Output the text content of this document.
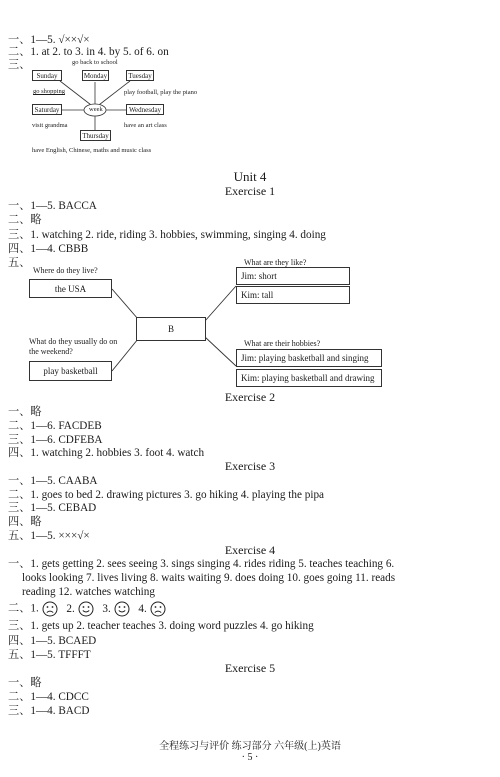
一、1—5. √××√×
二、1. at 2. to 3. in 4. by 5. of 6. on
三、
week
Sunday	Monday	Tuesday
Saturday	Wednesday
Thursday
go back to school
go shopping	play football, play the piano
visit grandma	have an art class
have English, Chinese, maths and music class
Unit 4
Exercise 1
一、1—5. BACCA
二、略
三、1. watching 2. ride, riding 3. hobbies, swimming, singing 4. doing
四、1—4. CBBB
五、
Where do they live?
the USA
B
What are they like?
Jim: short
Kim: tall
What do they usually do on the weekend?
play basketball
What are their hobbies?
Jim: playing basketball and singing
Kim: playing basketball and drawing
Exercise 2
一、略
二、1—6. FACDEB
三、1—6. CDFEBA
四、1. watching 2. hobbies 3. foot 4. watch
Exercise 3
一、1—5. CAABA
二、1. goes to bed 2. drawing pictures 3. go hiking 4. playing the pipa
三、1—5. CEBAD
四、略
五、1—5. ×××√×
Exercise 4
一、1. gets getting 2. sees seeing 3. sings singing 4. rides riding 5. teaches teaching 6.
looks looking 7. lives living 8. waits waiting 9. does doing 10. goes going 11. reads
reading 12. watches watching
二、1. 2. 3. 4.
三、1. gets up 2. teacher teaches 3. doing word puzzles 4. go hiking
四、1—5. BCAED
五、1—5. TFFFT
Exercise 5
一、略
二、1—4. CDCC
三、1—4. BACD
全程练习与评价 练习部分 六年级(上)英语
· 5 ·
